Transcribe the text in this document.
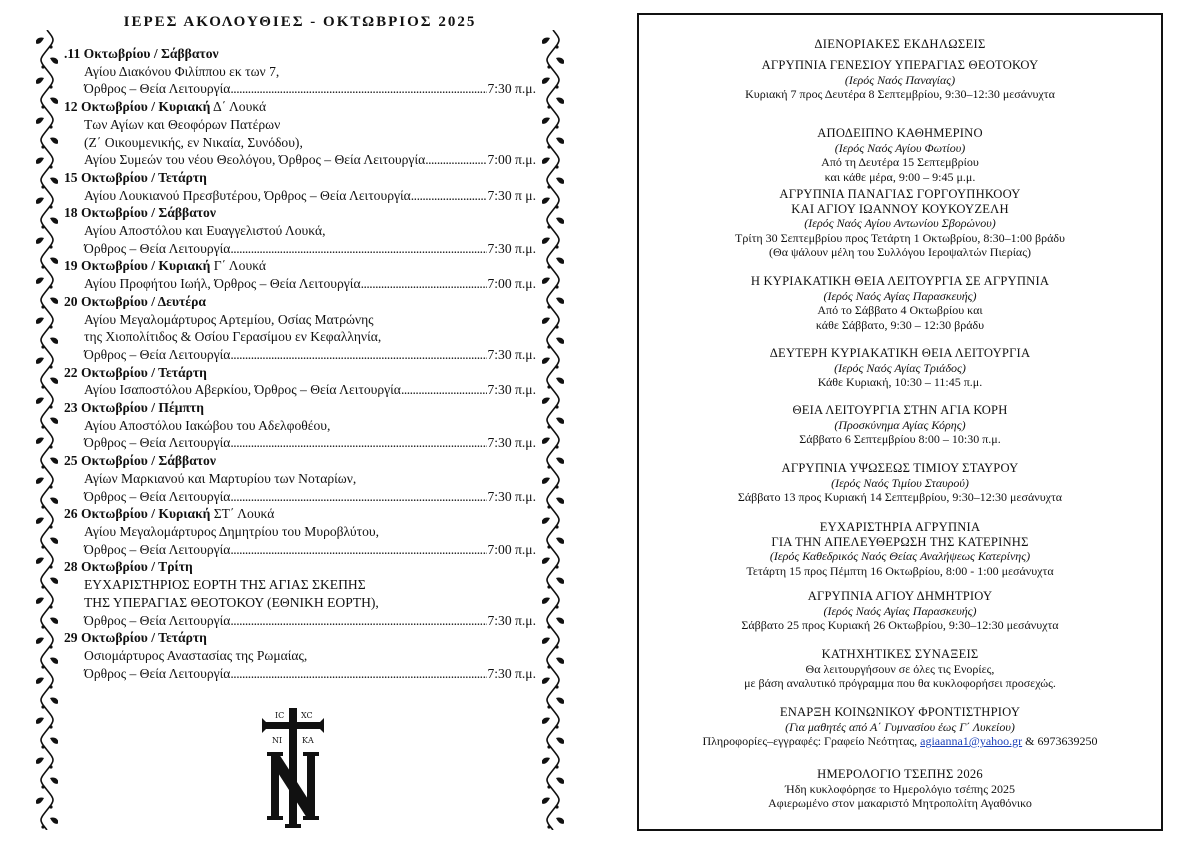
ΙΕΡΕΣ ΑΚΟΛΟΥΘΙΕΣ - ΟΚΤΩΒΡΙΟΣ 2025
.11 Οκτωβρίου / Σάββατον
Αγίου Διακόνου Φιλίππου εκ των 7,
Όρθρος – Θεία Λειτουργία .....	7:30 π.μ.
12 Οκτωβρίου / Κυριακή Δ΄ Λουκά
Των Αγίων και Θεοφόρων Πατέρων
(Ζ΄ Οικουμενικής, εν Νικαία, Συνόδου),
Αγίου Συμεών του νέου Θεολόγου, Όρθρος – Θεία Λειτουργία .....	7:00 π.μ.
15 Οκτωβρίου / Τετάρτη
Αγίου Λουκιανού Πρεσβυτέρου, Όρθρος – Θεία Λειτουργία .....	7:30 π μ.
18 Οκτωβρίου / Σάββατον
Αγίου Αποστόλου και Ευαγγελιστού Λουκά,
Όρθρος – Θεία Λειτουργία .....	7:30 π.μ.
19 Οκτωβρίου / Κυριακή Γ΄ Λουκά
Αγίου Προφήτου Ιωήλ, Όρθρος – Θεία Λειτουργία .....	7:00 π.μ.
20 Οκτωβρίου / Δευτέρα
Αγίου Μεγαλομάρτυρος Αρτεμίου, Οσίας Ματρώνης
της Χιοπολίτιδος & Οσίου Γερασίμου εν Κεφαλληνία,
Όρθρος – Θεία Λειτουργία .....	7:30 π.μ.
22 Οκτωβρίου / Τετάρτη
Αγίου Ισαποστόλου Αβερκίου, Όρθρος – Θεία Λειτουργία .....	7:30 π.μ.
23 Οκτωβρίου / Πέμπτη
Αγίου Αποστόλου Ιακώβου του Αδελφοθέου,
Όρθρος – Θεία Λειτουργία .....	7:30 π.μ.
25 Οκτωβρίου / Σάββατον
Αγίων Μαρκιανού και Μαρτυρίου των Νοταρίων,
Όρθρος – Θεία Λειτουργία .....	7:30 π.μ.
26 Οκτωβρίου / Κυριακή ΣΤ΄ Λουκά
Αγίου Μεγαλομάρτυρος Δημητρίου του Μυροβλύτου,
Όρθρος – Θεία Λειτουργία .....	7:00 π.μ.
28 Οκτωβρίου / Τρίτη
ΕΥΧΑΡΙΣΤΗΡΙΟΣ ΕΟΡΤΗ ΤΗΣ ΑΓΙΑΣ ΣΚΕΠΗΣ
ΤΗΣ ΥΠΕΡΑΓΙΑΣ ΘΕΟΤΟΚΟΥ (ΕΘΝΙΚΗ ΕΟΡΤΗ),
Όρθρος – Θεία Λειτουργία .....	7:30 π.μ.
29 Οκτωβρίου / Τετάρτη
Οσιομάρτυρος Αναστασίας της Ρωμαίας,
Όρθρος – Θεία Λειτουργία .....	7:30 π.μ.
ΙC XC
ΝΙ ΚΑ
ΔΙΕΝΟΡΙΑΚΕΣ ΕΚΔΗΛΩΣΕΙΣ
ΑΓΡΥΠΝΙΑ ΓΕΝΕΣΙΟΥ ΥΠΕΡΑΓΙΑΣ ΘΕΟΤΟΚΟΥ
(Ιερός Ναός Παναγίας)
Κυριακή 7 προς Δευτέρα 8 Σεπτεμβρίου, 9:30–12:30 μεσάνυχτα
ΑΠΟΔΕΙΠΝΟ ΚΑΘΗΜΕΡΙΝΟ
(Ιερός Ναός Αγίου Φωτίου)
Από τη Δευτέρα 15 Σεπτεμβρίου
και κάθε μέρα, 9:00 – 9:45 μ.μ.
ΑΓΡΥΠΝΙΑ ΠΑΝΑΓΙΑΣ ΓΟΡΓΟΥΠΗΚΟΟΥ
ΚΑΙ ΑΓΙΟΥ ΙΩΑΝΝΟΥ ΚΟΥΚΟΥΖΕΛΗ
(Ιερός Ναός Αγίου Αντωνίου Σβορώνου)
Τρίτη 30 Σεπτεμβρίου προς Τετάρτη 1 Οκτωβρίου, 8:30–1:00 βράδυ
(Θα ψάλουν μέλη του Συλλόγου Ιεροψαλτών Πιερίας)
Η ΚΥΡΙΑΚΑΤΙΚΗ ΘΕΙΑ ΛΕΙΤΟΥΡΓΙΑ ΣΕ ΑΓΡΥΠΝΙΑ
(Ιερός Ναός Αγίας Παρασκευής)
Από το Σάββατο 4 Οκτωβρίου και
κάθε Σάββατο, 9:30 – 12:30 βράδυ
ΔΕΥΤΕΡΗ ΚΥΡΙΑΚΑΤΙΚΗ ΘΕΙΑ ΛΕΙΤΟΥΡΓΙΑ
(Ιερός Ναός Αγίας Τριάδος)
Κάθε Κυριακή, 10:30 – 11:45 π.μ.
ΘΕΙΑ ΛΕΙΤΟΥΡΓΙΑ ΣΤΗΝ ΑΓΙΑ ΚΟΡΗ
(Προσκύνημα Αγίας Κόρης)
Σάββατο 6 Σεπτεμβρίου 8:00 – 10:30 π.μ.
ΑΓΡΥΠΝΙΑ ΥΨΩΣΕΩΣ ΤΙΜΙΟΥ ΣΤΑΥΡΟΥ
(Ιερός Ναός Τιμίου Σταυρού)
Σάββατο 13 προς Κυριακή 14 Σεπτεμβρίου, 9:30–12:30 μεσάνυχτα
ΕΥΧΑΡΙΣΤΗΡΙΑ ΑΓΡΥΠΝΙΑ
ΓΙΑ ΤΗΝ ΑΠΕΛΕΥΘΕΡΩΣΗ ΤΗΣ ΚΑΤΕΡΙΝΗΣ
(Ιερός Καθεδρικός Ναός Θείας Αναλήψεως Κατερίνης)
Τετάρτη 15 προς Πέμπτη 16 Οκτωβρίου, 8:00 - 1:00 μεσάνυχτα
ΑΓΡΥΠΝΙΑ ΑΓΙΟΥ ΔΗΜΗΤΡΙΟΥ
(Ιερός Ναός Αγίας Παρασκευής)
Σάββατο 25 προς Κυριακή 26 Οκτωβρίου, 9:30–12:30 μεσάνυχτα
ΚΑΤΗΧΗΤΙΚΕΣ ΣΥΝΑΞΕΙΣ
Θα λειτουργήσουν σε όλες τις Ενορίες,
με βάση αναλυτικό πρόγραμμα που θα κυκλοφορήσει προσεχώς.
ΕΝΑΡΞΗ ΚΟΙΝΩΝΙΚΟΥ ΦΡΟΝΤΙΣΤΗΡΙΟΥ
(Για μαθητές από Α΄ Γυμνασίου έως Γ΄ Λυκείου)
Πληροφορίες–εγγραφές: Γραφείο Νεότητας, agiaanna1@yahoo.gr & 6973639250
ΗΜΕΡΟΛΟΓΙΟ ΤΣΕΠΗΣ 2026
Ήδη κυκλοφόρησε το Ημερολόγιο τσέπης 2025
Αφιερωμένο στον μακαριστό Μητροπολίτη Αγαθόνικο
